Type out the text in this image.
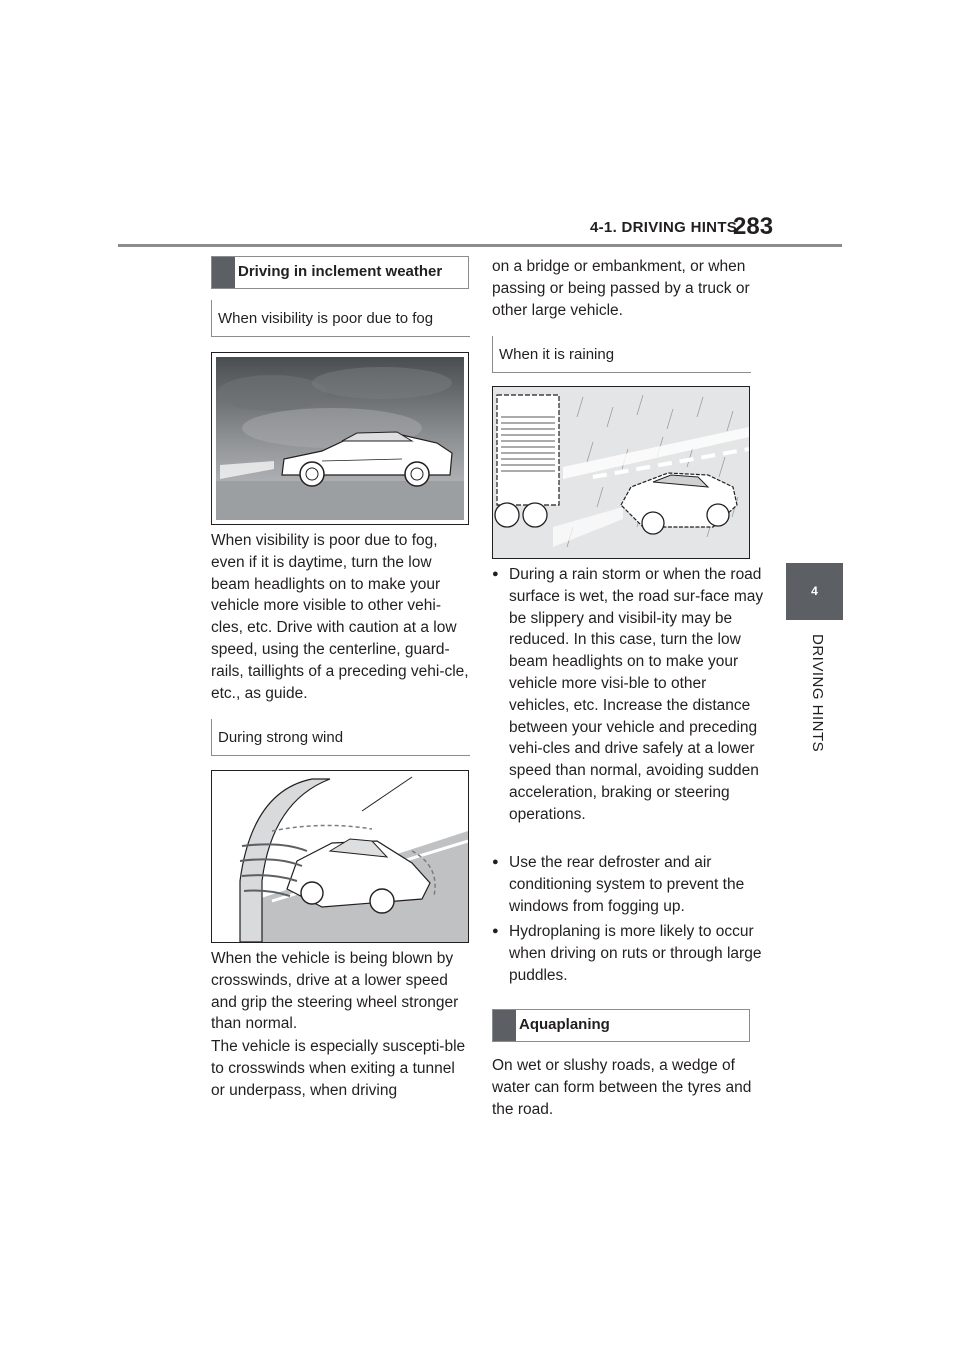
4-1. DRIVING HINTS
283
4
DRIVING HINTS
Driving in inclement weather
When visibility is poor due to fog
When visibility is poor due to fog, even if it is daytime, turn the low beam headlights on to make your vehicle more visible to other vehi-cles, etc. Drive with caution at a low speed, using the centerline, guard-rails, taillights of a preceding vehi-cle, etc., as guide.
During strong wind
When the vehicle is being blown by crosswinds, drive at a lower speed and grip the steering wheel stronger than normal.
The vehicle is especially suscepti-ble to crosswinds when exiting a tunnel or underpass, when driving
on a bridge or embankment, or when passing or being passed by a truck or other large vehicle.
When it is raining
● During a rain storm or when the road surface is wet, the road sur-face may be slippery and visibil-ity may be reduced. In this case, turn the low beam headlights on to make your vehicle more visi-ble to other vehicles, etc. Increase the distance between your vehicle and preceding vehi-cles and drive safely at a lower speed than normal, avoiding sudden acceleration, braking or steering operations.
● Use the rear defroster and air conditioning system to prevent the windows from fogging up.
● Hydroplaning is more likely to occur when driving on ruts or through large puddles.
Aquaplaning
On wet or slushy roads, a wedge of water can form between the tyres and the road.
